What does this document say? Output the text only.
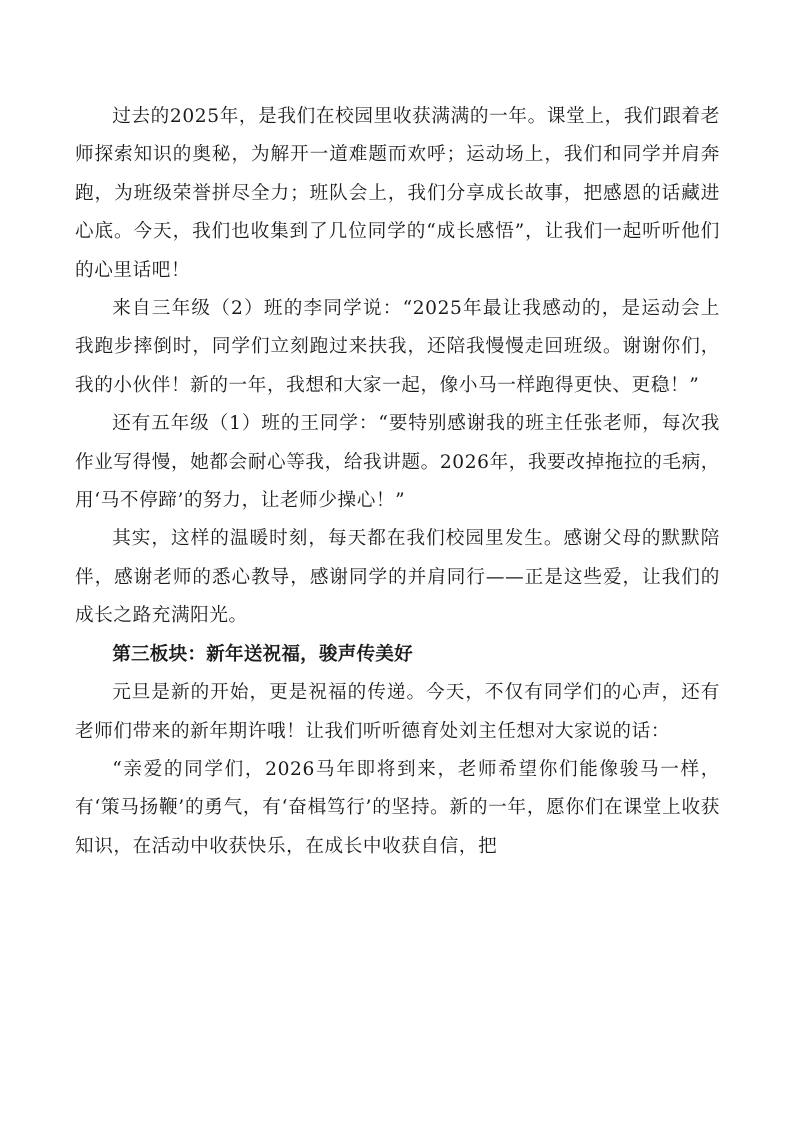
过去的2025年，是我们在校园里收获满满的一年。课堂上，我们跟着老师探索知识的奥秘，为解开一道难题而欢呼；运动场上，我们和同学并肩奔跑，为班级荣誉拼尽全力；班队会上，我们分享成长故事，把感恩的话藏进心底。今天，我们也收集到了几位同学的“成长感悟”，让我们一起听听他们的心里话吧！

来自三年级（2）班的李同学说：“2025年最让我感动的，是运动会上我跑步摔倒时，同学们立刻跑过来扶我，还陪我慢慢走回班级。谢谢你们，我的小伙伴！新的一年，我想和大家一起，像小马一样跑得更快、更稳！”

还有五年级（1）班的王同学：“要特别感谢我的班主任张老师，每次我作业写得慢，她都会耐心等我，给我讲题。2026年，我要改掉拖拉的毛病，用‘马不停蹄’的努力，让老师少操心！”

其实，这样的温暖时刻，每天都在我们校园里发生。感谢父母的默默陪伴，感谢老师的悉心教导，感谢同学的并肩同行——正是这些爱，让我们的成长之路充满阳光。

第三板块：新年送祝福，骏声传美好

元旦是新的开始，更是祝福的传递。今天，不仅有同学们的心声，还有老师们带来的新年期许哦！让我们听听德育处刘主任想对大家说的话：

“亲爱的同学们，2026马年即将到来，老师希望你们能像骏马一样，有‘策马扬鞭’的勇气，有‘奋楫笃行’的坚持。新的一年，愿你们在课堂上收获知识，在活动中收获快乐，在成长中收获自信，把
